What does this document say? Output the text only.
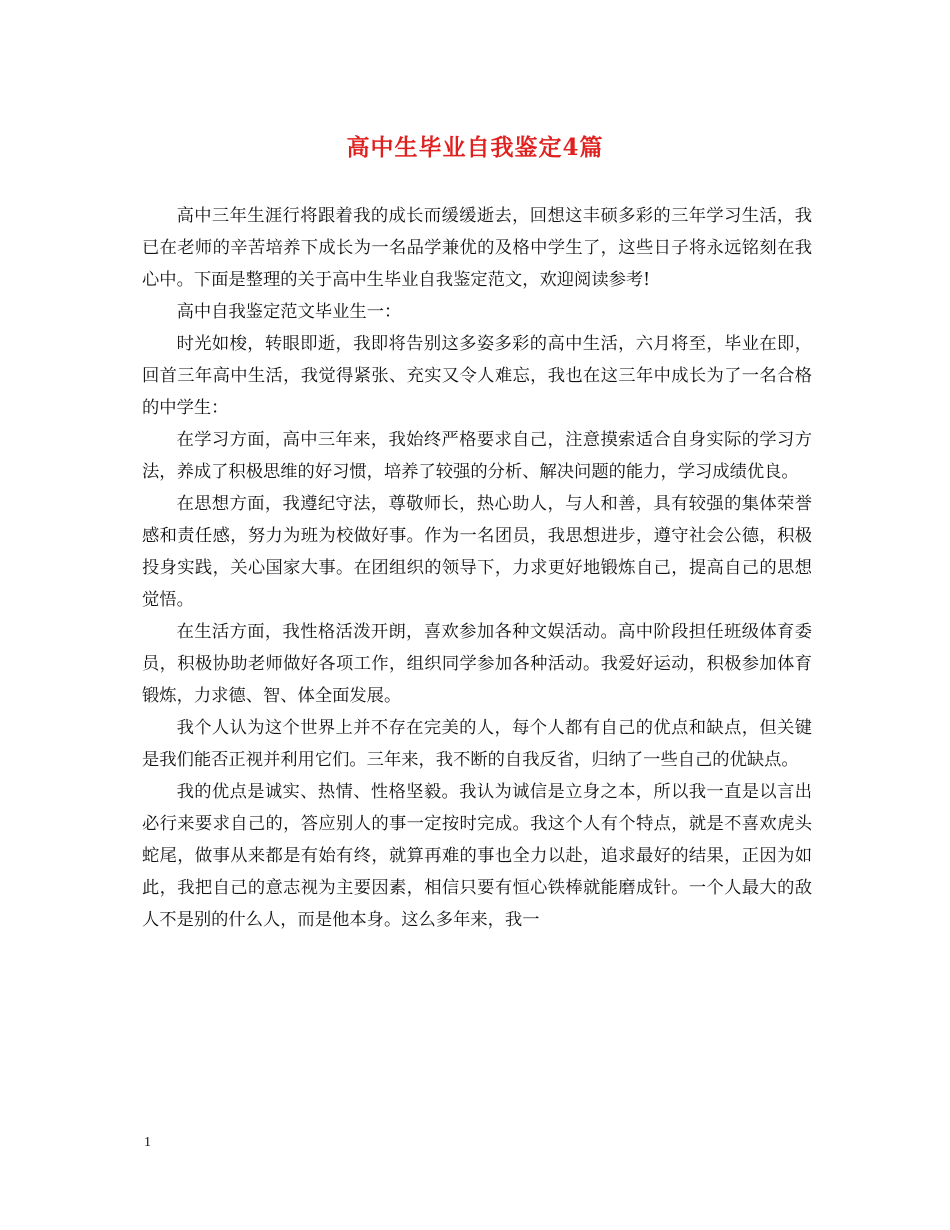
高中生毕业自我鉴定4篇

高中三年生涯行将跟着我的成长而缓缓逝去，回想这丰硕多彩的三年学习生活，我已在老师的辛苦培养下成长为一名品学兼优的及格中学生了，这些日子将永远铭刻在我心中。下面是整理的关于高中生毕业自我鉴定范文，欢迎阅读参考!

高中自我鉴定范文毕业生一：

时光如梭，转眼即逝，我即将告别这多姿多彩的高中生活，六月将至，毕业在即，回首三年高中生活，我觉得紧张、充实又令人难忘，我也在这三年中成长为了一名合格的中学生：

在学习方面，高中三年来，我始终严格要求自己，注意摸索适合自身实际的学习方法，养成了积极思维的好习惯，培养了较强的分析、解决问题的能力，学习成绩优良。

在思想方面，我遵纪守法，尊敬师长，热心助人，与人和善，具有较强的集体荣誉感和责任感，努力为班为校做好事。作为一名团员，我思想进步，遵守社会公德，积极投身实践，关心国家大事。在团组织的领导下，力求更好地锻炼自己，提高自己的思想觉悟。

在生活方面，我性格活泼开朗，喜欢参加各种文娱活动。高中阶段担任班级体育委员，积极协助老师做好各项工作，组织同学参加各种活动。我爱好运动，积极参加体育锻炼，力求德、智、体全面发展。

我个人认为这个世界上并不存在完美的人，每个人都有自己的优点和缺点，但关键是我们能否正视并利用它们。三年来，我不断的自我反省，归纳了一些自己的优缺点。

我的优点是诚实、热情、性格坚毅。我认为诚信是立身之本，所以我一直是以言出必行来要求自己的，答应别人的事一定按时完成。我这个人有个特点，就是不喜欢虎头蛇尾，做事从来都是有始有终，就算再难的事也全力以赴，追求最好的结果，正因为如此，我把自己的意志视为主要因素，相信只要有恒心铁棒就能磨成针。一个人最大的敌人不是别的什么人，而是他本身。这么多年来，我一

1
